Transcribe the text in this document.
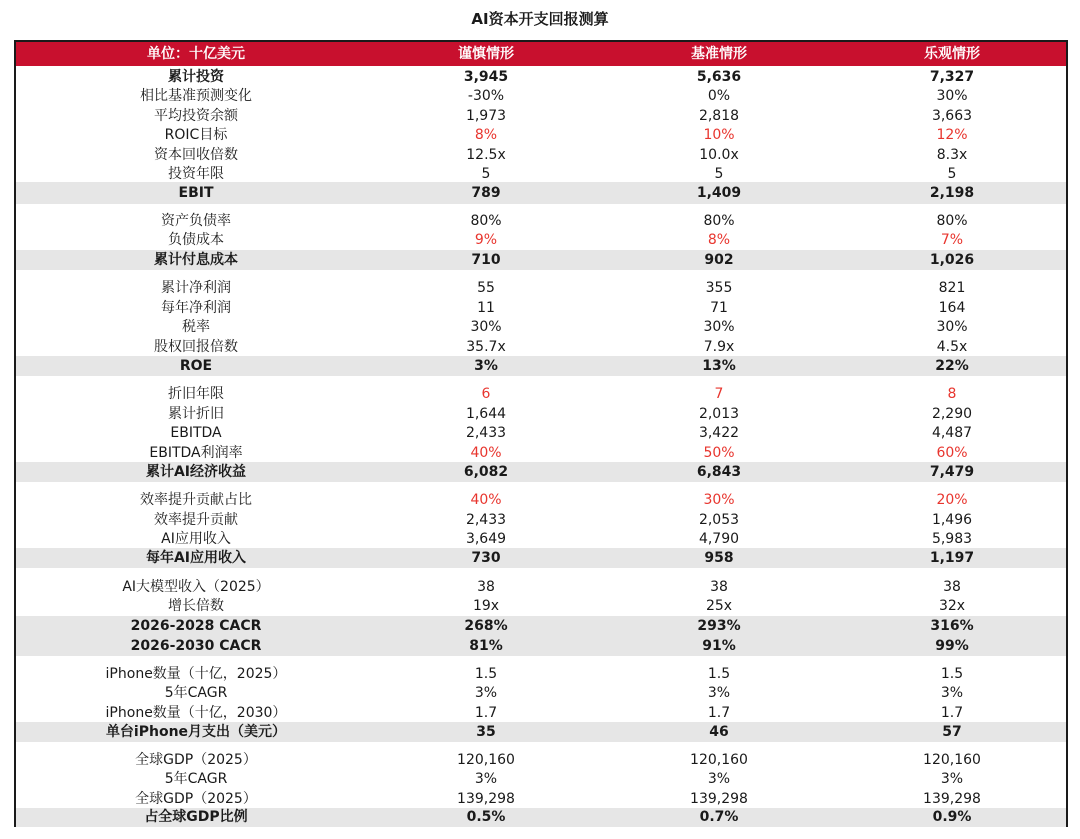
AI资本开支回报测算
单位：十亿美元	谨慎情形	基准情形	乐观情形
累计投资	3,945	5,636	7,327
相比基准预测变化	-30%	0%	30%
平均投资余额	1,973	2,818	3,663
ROIC目标	8%	10%	12%
资本回收倍数	12.5x	10.0x	8.3x
投资年限	5	5	5
EBIT	789	1,409	2,198
资产负债率	80%	80%	80%
负债成本	9%	8%	7%
累计付息成本	710	902	1,026
累计净利润	55	355	821
每年净利润	11	71	164
税率	30%	30%	30%
股权回报倍数	35.7x	7.9x	4.5x
ROE	3%	13%	22%
折旧年限	6	7	8
累计折旧	1,644	2,013	2,290
EBITDA	2,433	3,422	4,487
EBITDA利润率	40%	50%	60%
累计AI经济收益	6,082	6,843	7,479
效率提升贡献占比	40%	30%	20%
效率提升贡献	2,433	2,053	1,496
AI应用收入	3,649	4,790	5,983
每年AI应用收入	730	958	1,197
AI大模型收入（2025）	38	38	38
增长倍数	19x	25x	32x
2026-2028 CACR	268%	293%	316%
2026-2030 CACR	81%	91%	99%
iPhone数量（十亿，2025）	1.5	1.5	1.5
5年CAGR	3%	3%	3%
iPhone数量（十亿，2030）	1.7	1.7	1.7
单台iPhone月支出（美元）	35	46	57
全球GDP（2025）	120,160	120,160	120,160
5年CAGR	3%	3%	3%
全球GDP（2025）	139,298	139,298	139,298
占全球GDP比例	0.5%	0.7%	0.9%
